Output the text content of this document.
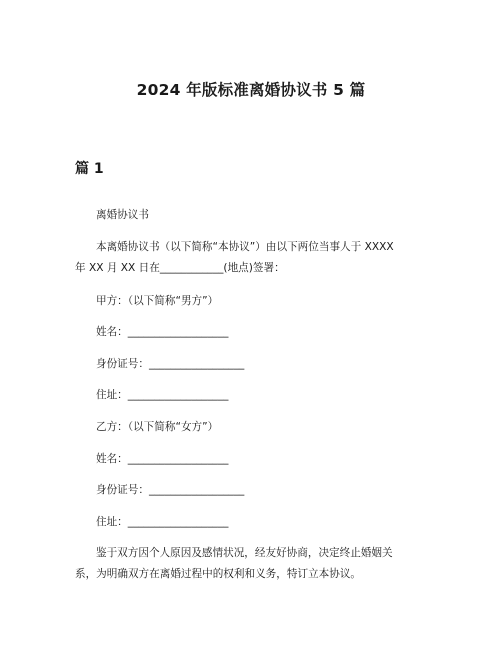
2024 年版标准离婚协议书 5 篇
篇 1
离婚协议书
本离婚协议书（以下简称“本协议”）由以下两位当事人于 XXXX
年 XX 月 XX 日在____________(地点)签署：
甲方：（以下简称“男方”）
姓名：___________________
身份证号：__________________
住址：___________________
乙方：（以下简称“女方”）
姓名：___________________
身份证号：__________________
住址：___________________
鉴于双方因个人原因及感情状况，经友好协商，决定终止婚姻关
系，为明确双方在离婚过程中的权利和义务，特订立本协议。
